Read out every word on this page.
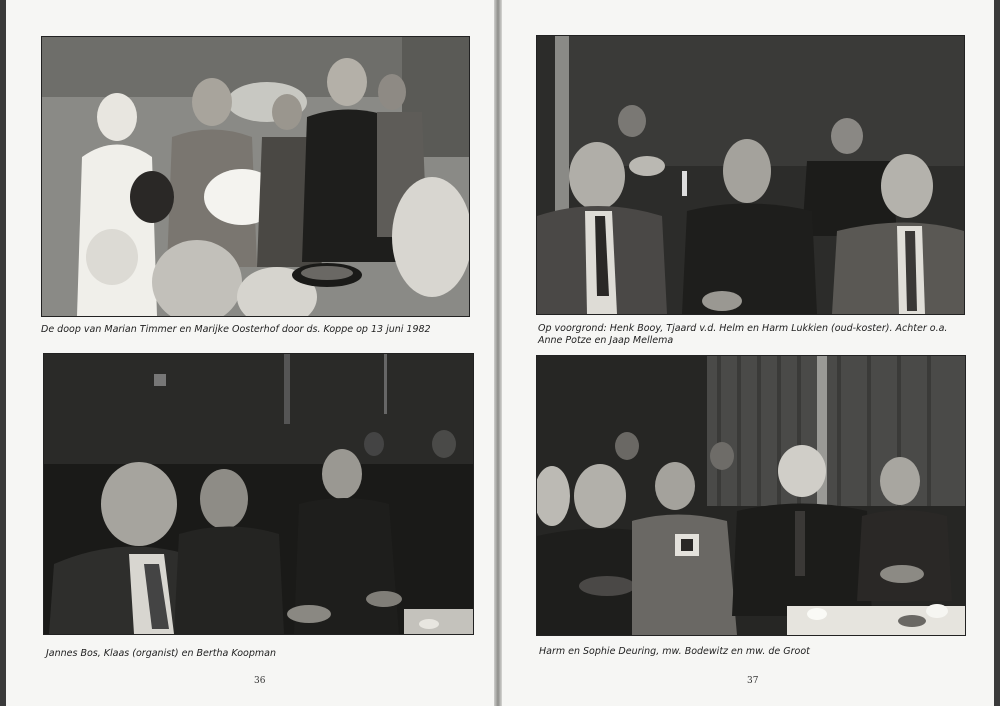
De doop van Marian Timmer en Marijke Oosterhof door ds. Koppe op 13 juni 1982
Jannes Bos, Klaas (organist) en Bertha Koopman
36
Op voorgrond: Henk Booy, Tjaard v.d. Helm en Harm Lukkien (oud-koster). Achter o.a. Anne Potze en Jaap Mellema
Harm en Sophie Deuring, mw. Bodewitz en mw. de Groot
37
